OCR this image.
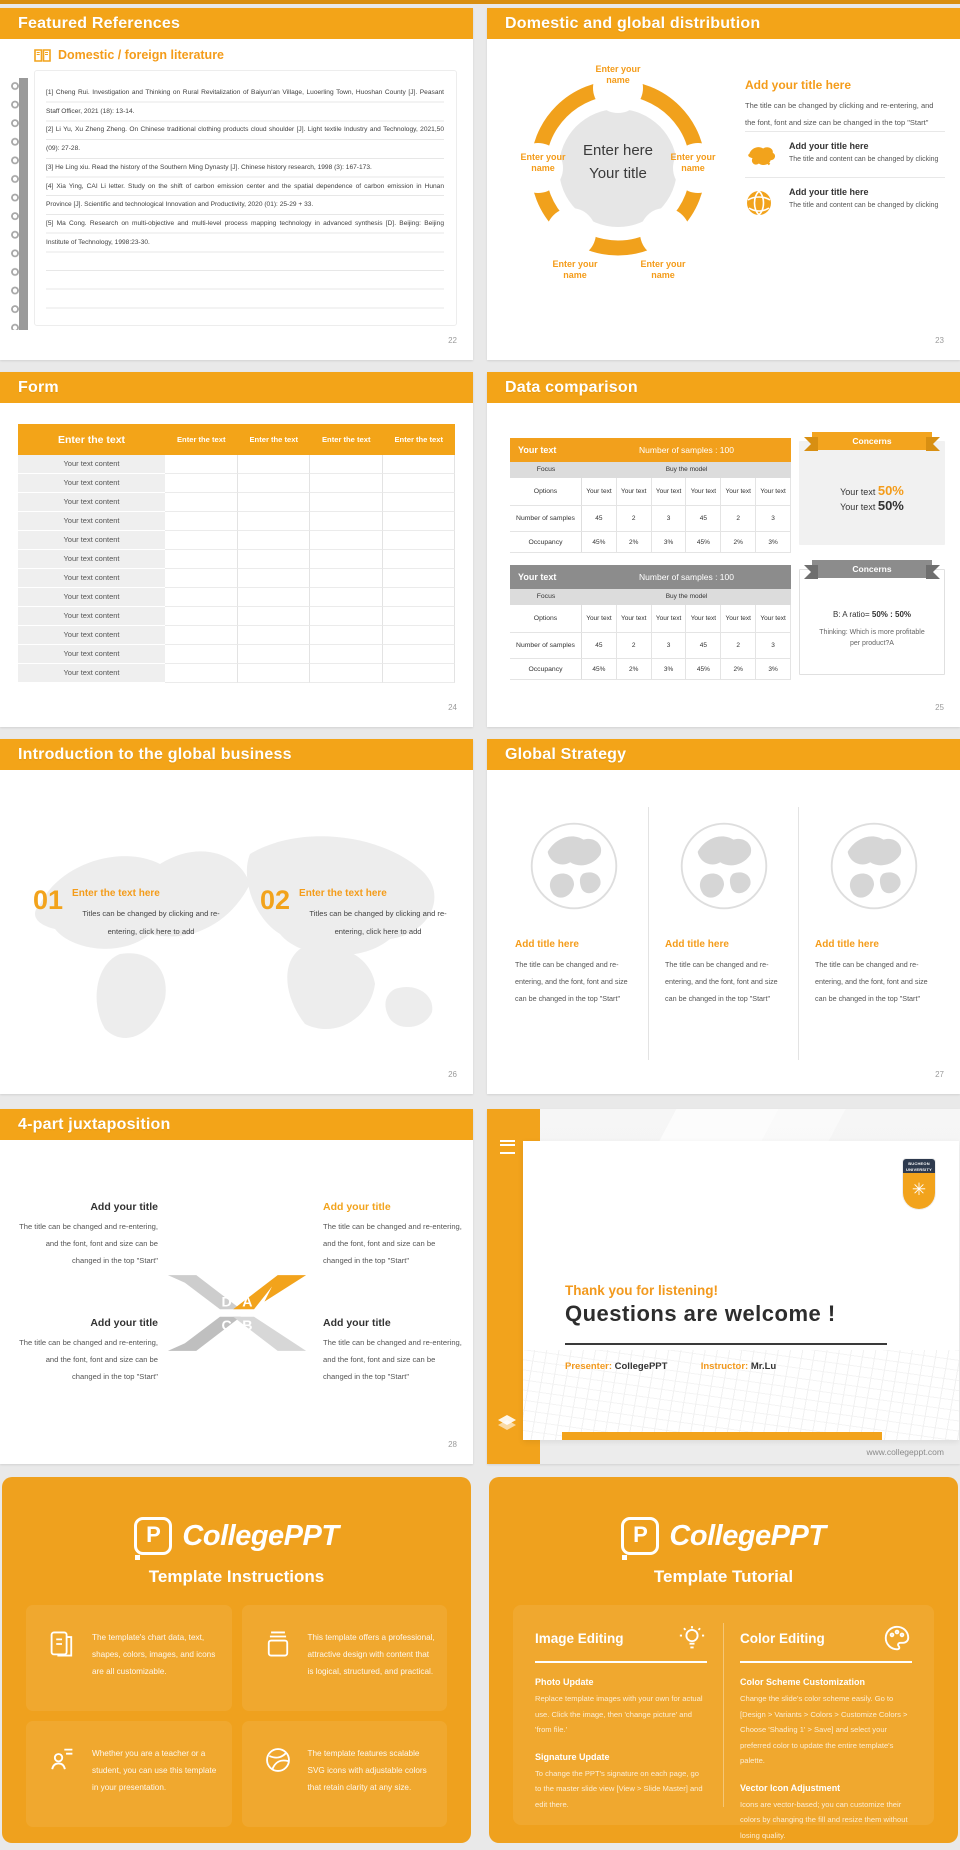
Featured References
Domestic / foreign literature

[1] Cheng Rui. Investigation and Thinking on Rural Revitalization of Baiyun'an Village, Luoerling Town, Huoshan County [J]. Peasant Staff Officer, 2021 (18): 13-14.

[2] Li Yu, Xu Zheng Zheng. On Chinese traditional clothing products cloud shoulder [J]. Light textile Industry and Technology, 2021,50 (09): 27-28.

[3] He Ling xiu. Read the history of the Southern Ming Dynasty [J]. Chinese history research, 1998 (3): 167-173.

[4] Xia Ying, CAI Li letter. Study on the shift of carbon emission center and the spatial dependence of carbon emission in Hunan Province [J]. Scientific and technological Innovation and Productivity, 2020 (01): 25-29 + 33.

[5] Ma Cong. Research on multi-objective and multi-level process mapping technology in advanced synthesis [D]. Beijing: Beijing Institute of Technology, 1998:23-30.

22
Domestic and global distribution
Enter your name
Enter your name
Enter your name
Enter your name
Enter your name
Enter here
Your title
Add your title here
The title can be changed by clicking and re-entering, and the font, font and size can be changed in the top "Start"
Add your title here

The title and content can be changed by clicking

Add your title here

The title and content can be changed by clicking

23
Form
Enter the text	Enter the text	Enter the text	Enter the text	Enter the text
Your text content
Your text content
Your text content
Your text content
Your text content
Your text content
Your text content
Your text content
Your text content
Your text content
Your text content
Your text content
24
Data comparison
Your text	Number of samples : 100
Focus	Buy the model
Options	Your text	Your text	Your text	Your text	Your text	Your text
Number of samples	45	2	3	45	2	3
Occupancy	45%	2%	3%	45%	2%	3%
Your text	Number of samples : 100
Focus	Buy the model
Options	Your text	Your text	Your text	Your text	Your text	Your text
Number of samples	45	2	3	45	2	3
Occupancy	45%	2%	3%	45%	2%	3%
Concerns
Your text 50%
Your text 50%
Concerns
B: A ratio= 50% : 50%
Thinking: Which is more profitable per product?A
25
Introduction to the global business
01 Enter the text here

Titles can be changed by clicking and re-entering, click here to add

02 Enter the text here

Titles can be changed by clicking and re-entering, click here to add

26
Global Strategy
Add title here

The title can be changed and re-entering, and the font, font and size can be changed in the top "Start"

Add title here

The title can be changed and re-entering, and the font, font and size can be changed in the top "Start"

Add title here

The title can be changed and re-entering, and the font, font and size can be changed in the top "Start"

27
4-part juxtaposition
Add your title

The title can be changed and re-entering, and the font, font and size can be changed in the top "Start"

Add your title

The title can be changed and re-entering, and the font, font and size can be changed in the top "Start"

Add your title

The title can be changed and re-entering, and the font, font and size can be changed in the top "Start"

Add your title

The title can be changed and re-entering, and the font, font and size can be changed in the top "Start"

D A
C B
28
BUCHEON
UNIVERSITY
✳
Thank you for listening!
Questions are welcome !
Presenter: CollegePPT	Instructor: Mr.Lu
www.collegeppt.com
P CollegePPT
Template Instructions

The template's chart data, text, shapes, colors, images, and icons are all customizable.

This template offers a professional, attractive design with content that is logical, structured, and practical.

Whether you are a teacher or a student, you can use this template in your presentation.

The template features scalable SVG icons with adjustable colors that retain clarity at any size.

P CollegePPT
Template Tutorial
Image Editing
Photo Update

Replace template images with your own for actual use. Click the image, then 'change picture' and 'from file.'

Signature Update

To change the PPT's signature on each page, go to the master slide view [View > Slide Master] and edit there.

Color Editing
Color Scheme Customization

Change the slide's color scheme easily. Go to [Design > Variants > Colors > Customize Colors > Choose 'Shading 1' > Save] and select your preferred color to update the entire template's palette.

Vector Icon Adjustment

Icons are vector-based; you can customize their colors by changing the fill and resize them without losing quality.
